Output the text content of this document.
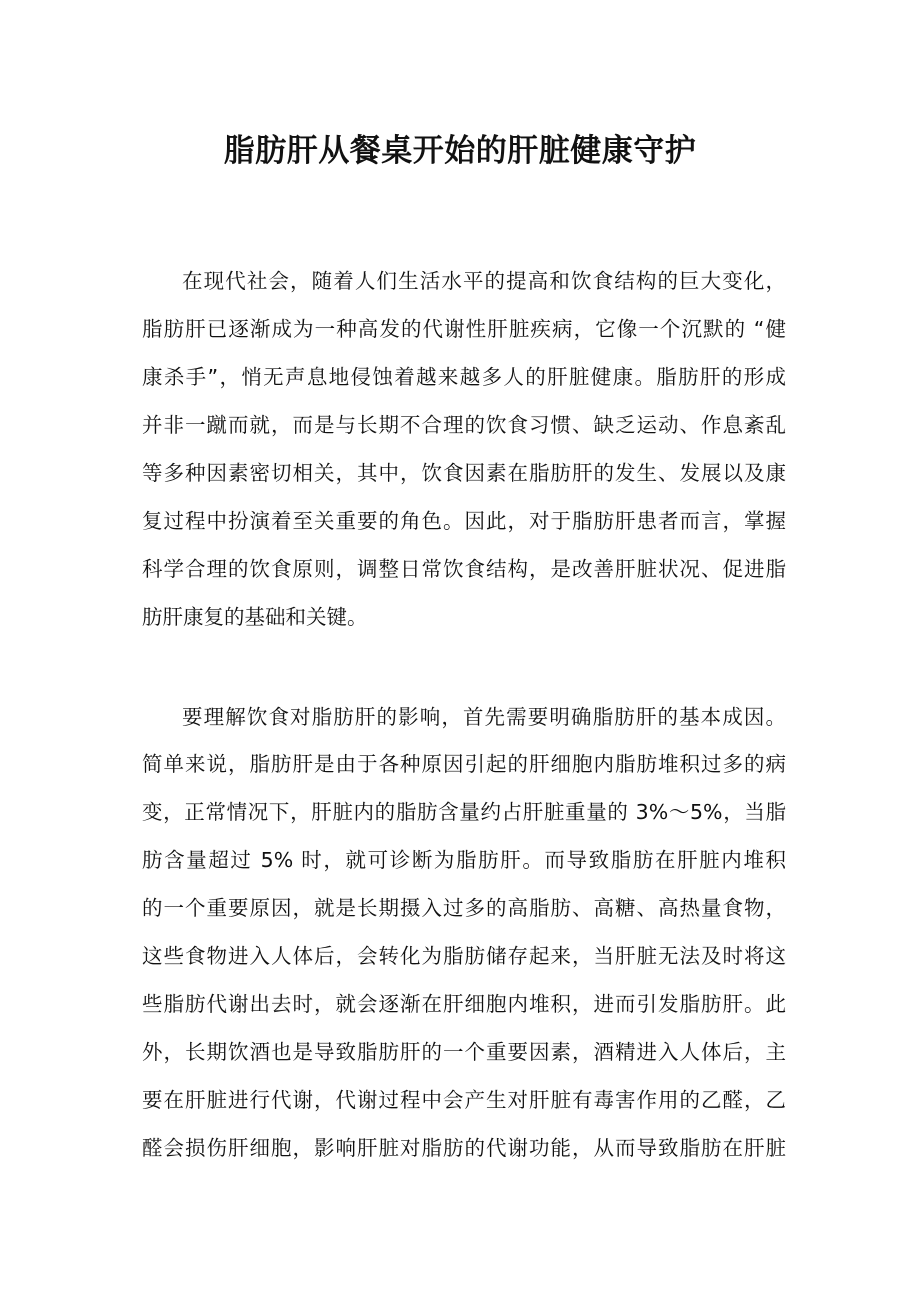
脂肪肝从餐桌开始的肝脏健康守护
在现代社会，随着人们生活水平的提高和饮食结构的巨大变化，
脂肪肝已逐渐成为一种高发的代谢性肝脏疾病，它像一个沉默的 “健
康杀手”，悄无声息地侵蚀着越来越多人的肝脏健康。脂肪肝的形成
并非一蹴而就，而是与长期不合理的饮食习惯、缺乏运动、作息紊乱
等多种因素密切相关，其中，饮食因素在脂肪肝的发生、发展以及康
复过程中扮演着至关重要的角色。因此，对于脂肪肝患者而言，掌握
科学合理的饮食原则，调整日常饮食结构，是改善肝脏状况、促进脂
肪肝康复的基础和关键。
要理解饮食对脂肪肝的影响，首先需要明确脂肪肝的基本成因。
简单来说，脂肪肝是由于各种原因引起的肝细胞内脂肪堆积过多的病
变，正常情况下，肝脏内的脂肪含量约占肝脏重量的 3%～5%，当脂
肪含量超过 5% 时，就可诊断为脂肪肝。而导致脂肪在肝脏内堆积
的一个重要原因，就是长期摄入过多的高脂肪、高糖、高热量食物，
这些食物进入人体后，会转化为脂肪储存起来，当肝脏无法及时将这
些脂肪代谢出去时，就会逐渐在肝细胞内堆积，进而引发脂肪肝。此
外，长期饮酒也是导致脂肪肝的一个重要因素，酒精进入人体后，主
要在肝脏进行代谢，代谢过程中会产生对肝脏有毒害作用的乙醛，乙
醛会损伤肝细胞，影响肝脏对脂肪的代谢功能，从而导致脂肪在肝脏
